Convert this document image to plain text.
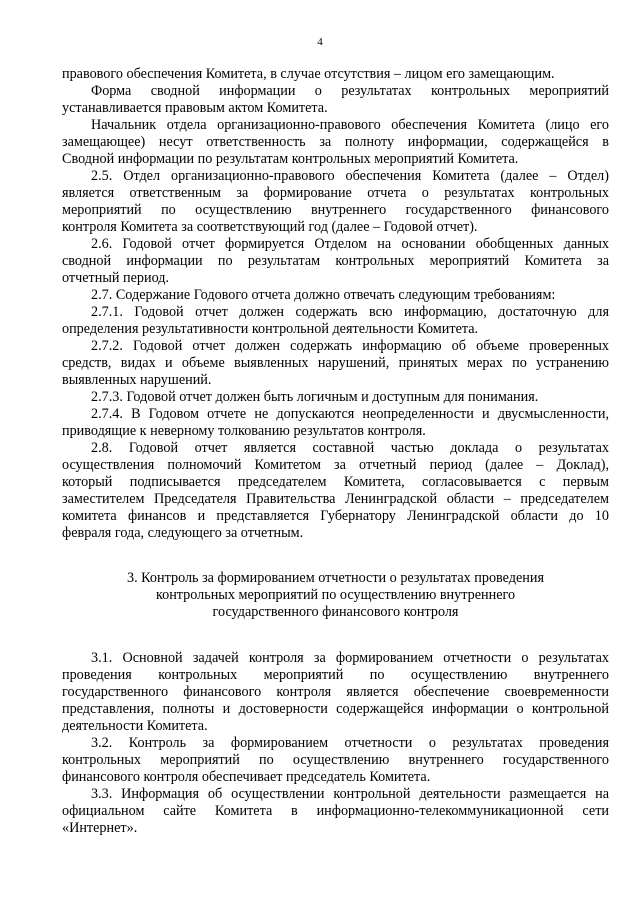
4

правового обеспечения Комитета, в случае отсутствия – лицом его замещающим.

Форма сводной информации о результатах контрольных мероприятий
устанавливается правовым актом Комитета.

Начальник отдела организационно-правового обеспечения Комитета (лицо его
замещающее) несут ответственность за полноту информации, содержащейся в
Сводной информации по результатам контрольных мероприятий Комитета.

2.5. Отдел организационно-правового обеспечения Комитета (далее – Отдел)
является ответственным за формирование отчета о результатах контрольных
мероприятий по осуществлению внутреннего государственного финансового
контроля Комитета за соответствующий год (далее – Годовой отчет).

2.6. Годовой отчет формируется Отделом на основании обобщенных данных
сводной информации по результатам контрольных мероприятий Комитета за
отчетный период.

2.7. Содержание Годового отчета должно отвечать следующим требованиям:

2.7.1. Годовой отчет должен содержать всю информацию, достаточную для
определения результативности контрольной деятельности Комитета.

2.7.2. Годовой отчет должен содержать информацию об объеме проверенных
средств, видах и объеме выявленных нарушений, принятых мерах по устранению
выявленных нарушений.

2.7.3. Годовой отчет должен быть логичным и доступным для понимания.

2.7.4. В Годовом отчете не допускаются неопределенности и двусмысленности,
приводящие к неверному толкованию результатов контроля.

2.8. Годовой отчет является составной частью доклада о результатах
осуществления полномочий Комитетом за отчетный период (далее – Доклад),
который подписывается председателем Комитета, согласовывается с первым
заместителем Председателя Правительства Ленинградской области – председателем
комитета финансов и представляется Губернатору Ленинградской области до 10
февраля года, следующего за отчетным.

3. Контроль за формированием отчетности о результатах проведения
контрольных мероприятий по осуществлению внутреннего
государственного финансового контроля

3.1. Основной задачей контроля за формированием отчетности о результатах
проведения контрольных мероприятий по осуществлению внутреннего
государственного финансового контроля является обеспечение своевременности
представления, полноты и достоверности содержащейся информации о контрольной
деятельности Комитета.

3.2. Контроль за формированием отчетности о результатах проведения
контрольных мероприятий по осуществлению внутреннего государственного
финансового контроля обеспечивает председатель Комитета.

3.3. Информация об осуществлении контрольной деятельности размещается на
официальном сайте Комитета в информационно-телекоммуникационной сети
«Интернет».
